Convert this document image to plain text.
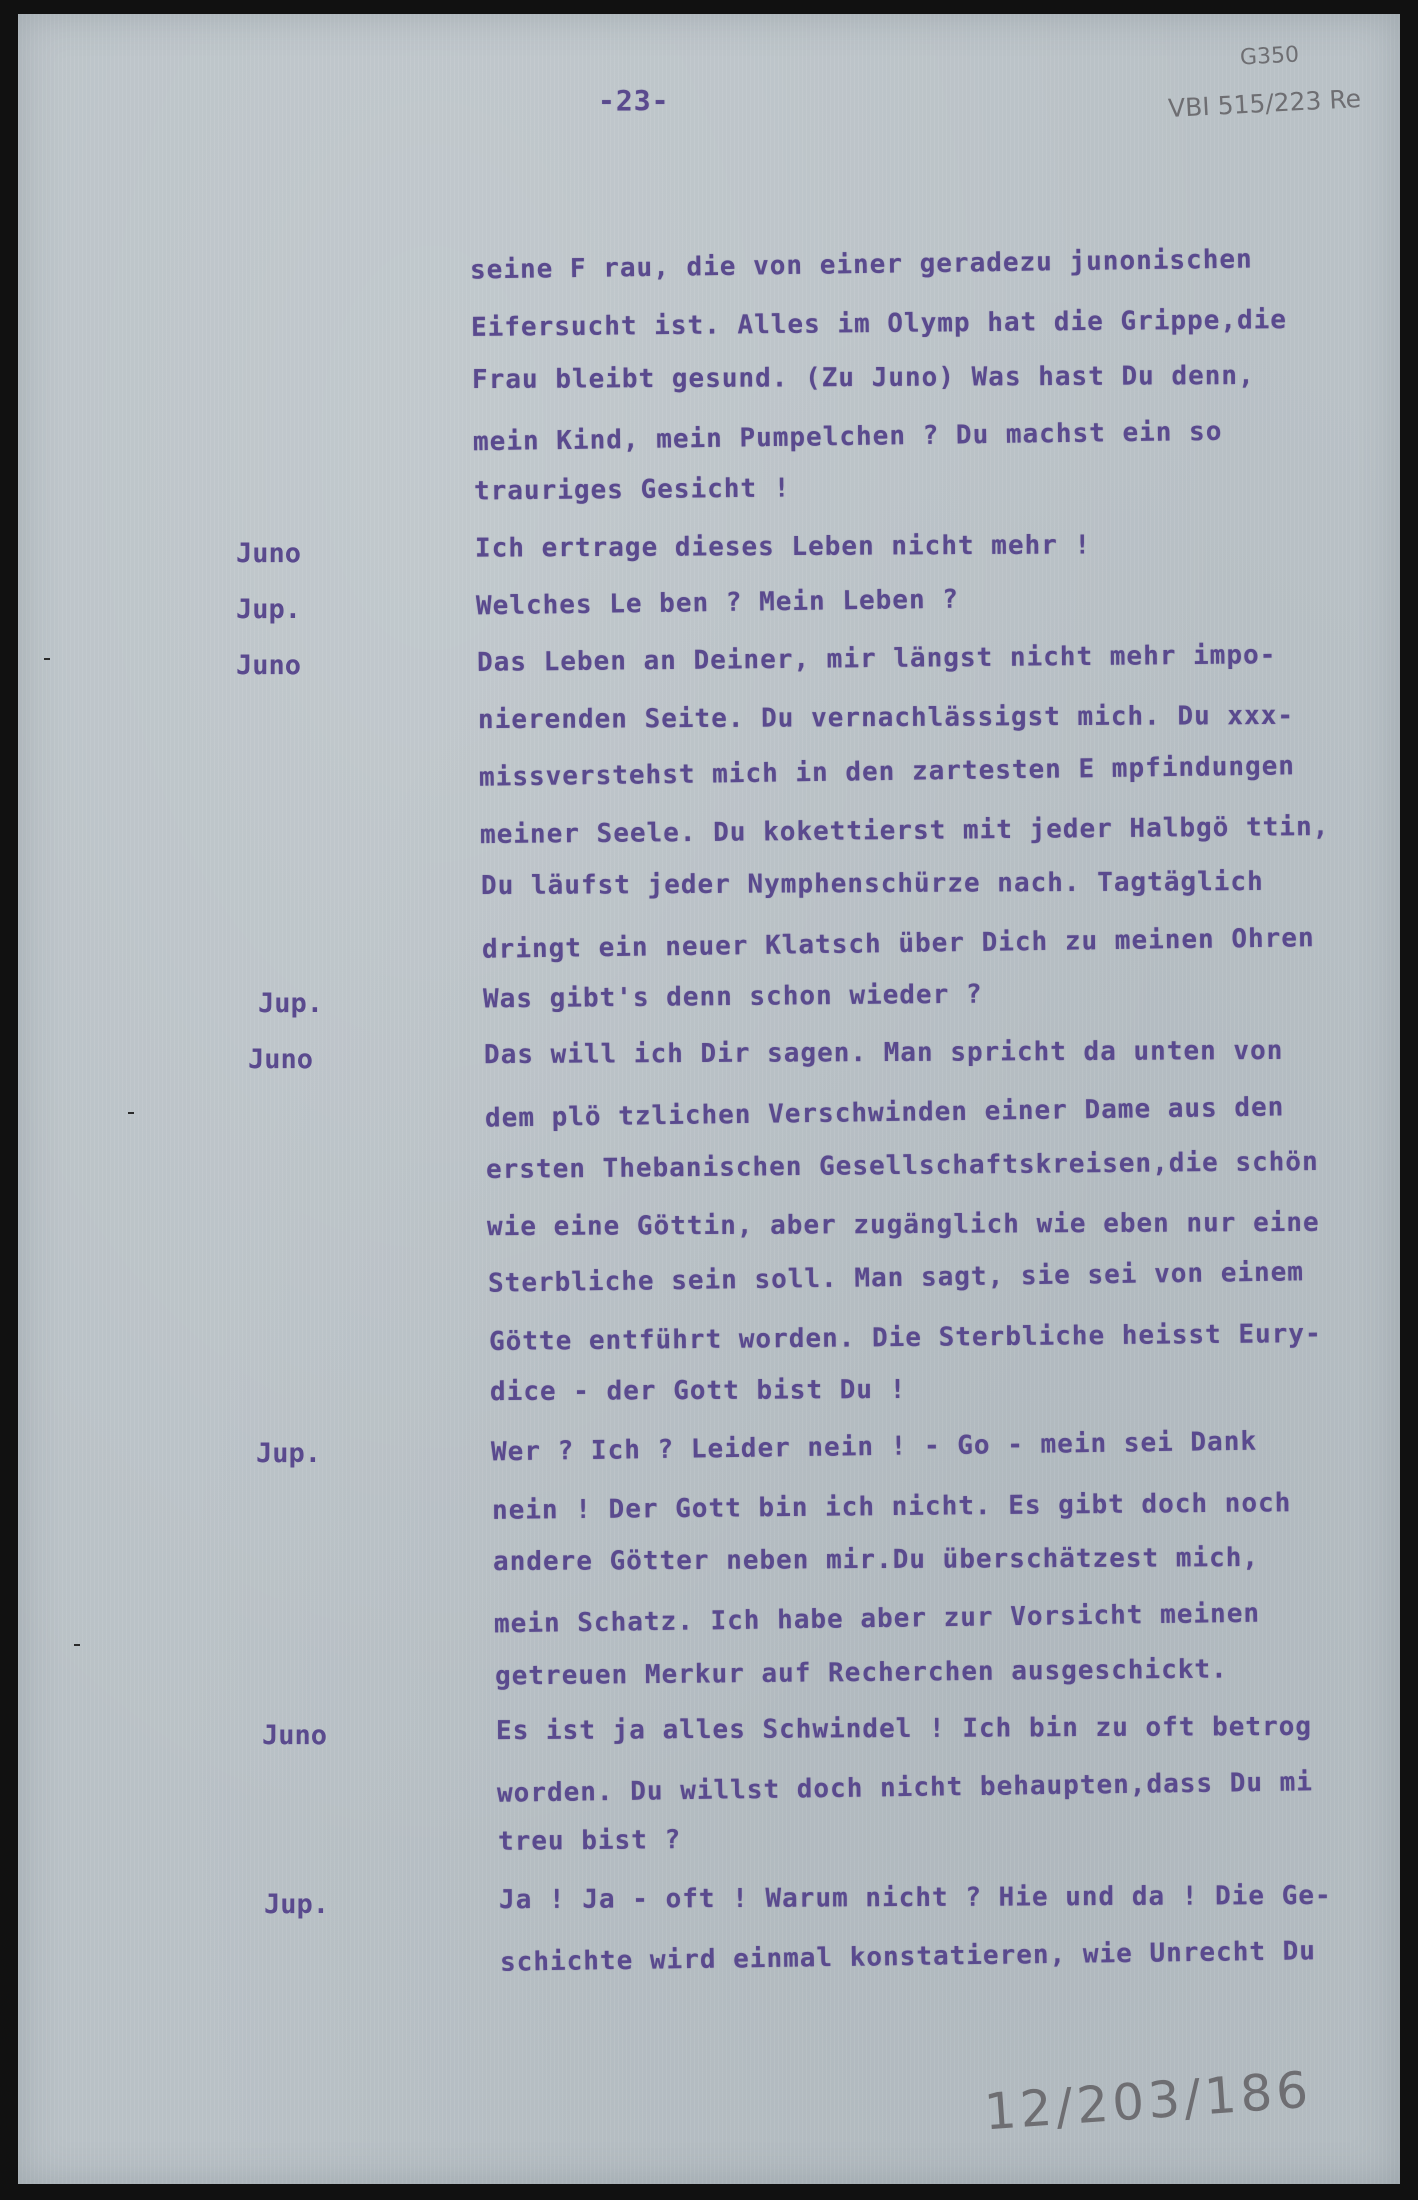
-23-
G350
VBI 515/223 Re
12/203/186
seine F rau, die von einer geradezu junonischen
Eifersucht ist. Alles im Olymp hat die Grippe,die
Frau bleibt gesund. (Zu Juno) Was hast Du denn,
mein Kind, mein Pumpelchen ? Du machst ein so
trauriges Gesicht !
Juno	Ich ertrage dieses Leben nicht mehr !
Jup.	Welches Le ben ? Mein Leben ?
Juno	Das Leben an Deiner, mir längst nicht mehr impo-
nierenden Seite. Du vernachlässigst mich. Du xxx-
missverstehst mich in den zartesten E mpfindungen
meiner Seele. Du kokettierst mit jeder Halbgö ttin,
Du läufst jeder Nymphenschürze nach. Tagtäglich
dringt ein neuer Klatsch über Dich zu meinen Ohren
Jup.	Was gibt's denn schon wieder ?
Juno	Das will ich Dir sagen. Man spricht da unten von
dem plö tzlichen Verschwinden einer Dame aus den
ersten Thebanischen Gesellschaftskreisen,die schön
wie eine Göttin, aber zugänglich wie eben nur eine
Sterbliche sein soll. Man sagt, sie sei von einem
Götte entführt worden. Die Sterbliche heisst Eury-
dice - der Gott bist Du !
Jup.	Wer ? Ich ? Leider nein ! - Go - mein sei Dank
nein ! Der Gott bin ich nicht. Es gibt doch noch
andere Götter neben mir.Du überschätzest mich,
mein Schatz. Ich habe aber zur Vorsicht meinen
getreuen Merkur auf Recherchen ausgeschickt.
Juno	Es ist ja alles Schwindel ! Ich bin zu oft betrog
worden. Du willst doch nicht behaupten,dass Du mi
treu bist ?
Jup.	Ja ! Ja - oft ! Warum nicht ? Hie und da ! Die Ge-
schichte wird einmal konstatieren, wie Unrecht Du
